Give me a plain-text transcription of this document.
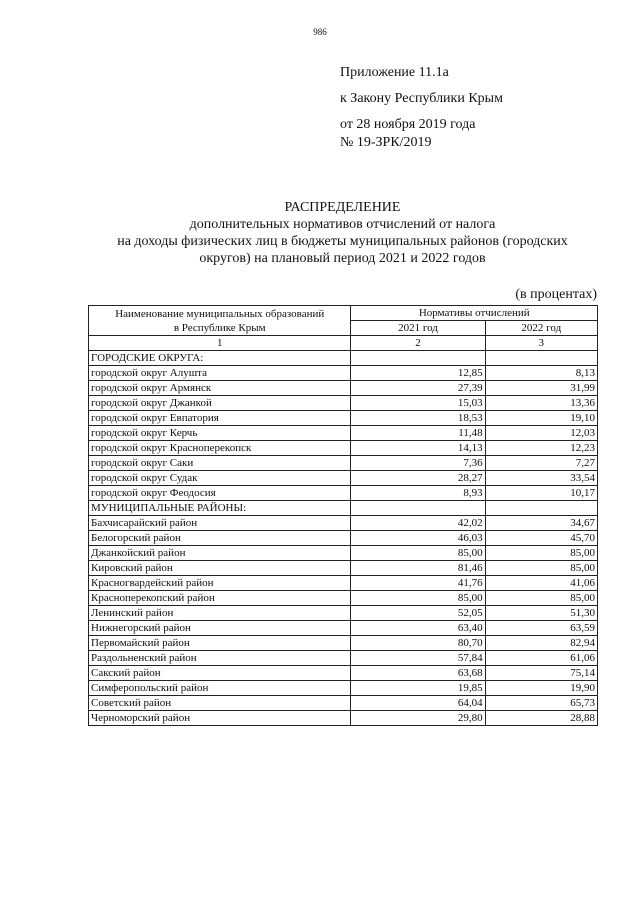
986
Приложение 11.1а
к Закону Республики Крым
от 28 ноября 2019 года
№ 19-ЗРК/2019
РАСПРЕДЕЛЕНИЕ
дополнительных нормативов отчислений от налога
на доходы физических лиц в бюджеты муниципальных районов (городских
округов) на плановый период 2021 и 2022 годов
(в процентах)
Наименование муниципальных образований
в Республике Крым	Нормативы отчислений	
	2021 год	2022 год
1	2	3
ГОРОДСКИЕ ОКРУГА:		
городской округ Алушта	12,85	8,13
городской округ Армянск	27,39	31,99
городской округ Джанкой	15,03	13,36
городской округ Евпатория	18,53	19,10
городской округ Керчь	11,48	12,03
городской округ Красноперекопск	14,13	12,23
городской округ Саки	7,36	7,27
городской округ Судак	28,27	33,54
городской округ Феодосия	8,93	10,17
МУНИЦИПАЛЬНЫЕ РАЙОНЫ:		
Бахчисарайский район	42,02	34,67
Белогорский район	46,03	45,70
Джанкойский район	85,00	85,00
Кировский район	81,46	85,00
Красногвардейский район	41,76	41,06
Красноперекопский район	85,00	85,00
Ленинский район	52,05	51,30
Нижнегорский район	63,40	63,59
Первомайский район	80,70	82,94
Раздольненский район	57,84	61,06
Сакский район	63,68	75,14
Симферопольский район	19,85	19,90
Советский район	64,04	65,73
Черноморский район	29,80	28,88
